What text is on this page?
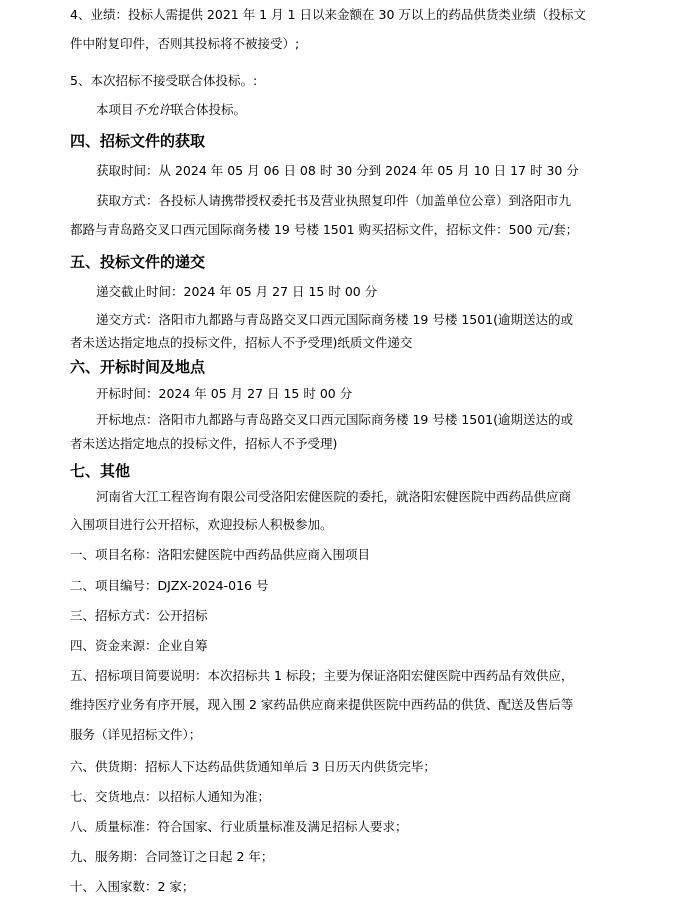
4、业绩：投标人需提供 2021 年 1 月 1 日以来金额在 30 万以上的药品供货类业绩（投标文
件中附复印件，否则其投标将不被接受）;
5、本次招标不接受联合体投标。:
本项目不允许联合体投标。
四、招标文件的获取
获取时间：从 2024 年 05 月 06 日 08 时 30 分到 2024 年 05 月 10 日 17 时 30 分
获取方式：各投标人请携带授权委托书及营业执照复印件（加盖单位公章）到洛阳市九
都路与青岛路交叉口西元国际商务楼 19 号楼 1501 购买招标文件，招标文件：500 元/套；
五、投标文件的递交
递交截止时间：2024 年 05 月 27 日 15 时 00 分
递交方式：洛阳市九都路与青岛路交叉口西元国际商务楼 19 号楼 1501(逾期送达的或
者未送达指定地点的投标文件，招标人不予受理)纸质文件递交
六、开标时间及地点
开标时间：2024 年 05 月 27 日 15 时 00 分
开标地点：洛阳市九都路与青岛路交叉口西元国际商务楼 19 号楼 1501(逾期送达的或
者未送达指定地点的投标文件，招标人不予受理)
七、其他
河南省大江工程咨询有限公司受洛阳宏健医院的委托，就洛阳宏健医院中西药品供应商
入围项目进行公开招标，欢迎投标人积极参加。
一、项目名称：洛阳宏健医院中西药品供应商入围项目
二、项目编号：DJZX-2024-016 号
三、招标方式：公开招标
四、资金来源：企业自筹
五、招标项目简要说明：本次招标共 1 标段；主要为保证洛阳宏健医院中西药品有效供应，
维持医疗业务有序开展，现入围 2 家药品供应商来提供医院中西药品的供货、配送及售后等
服务（详见招标文件）；
六、供货期：招标人下达药品供货通知单后 3 日历天内供货完毕；
七、交货地点：以招标人通知为准；
八、质量标准：符合国家、行业质量标准及满足招标人要求；
九、服务期：合同签订之日起 2 年；
十、入围家数：2 家；
